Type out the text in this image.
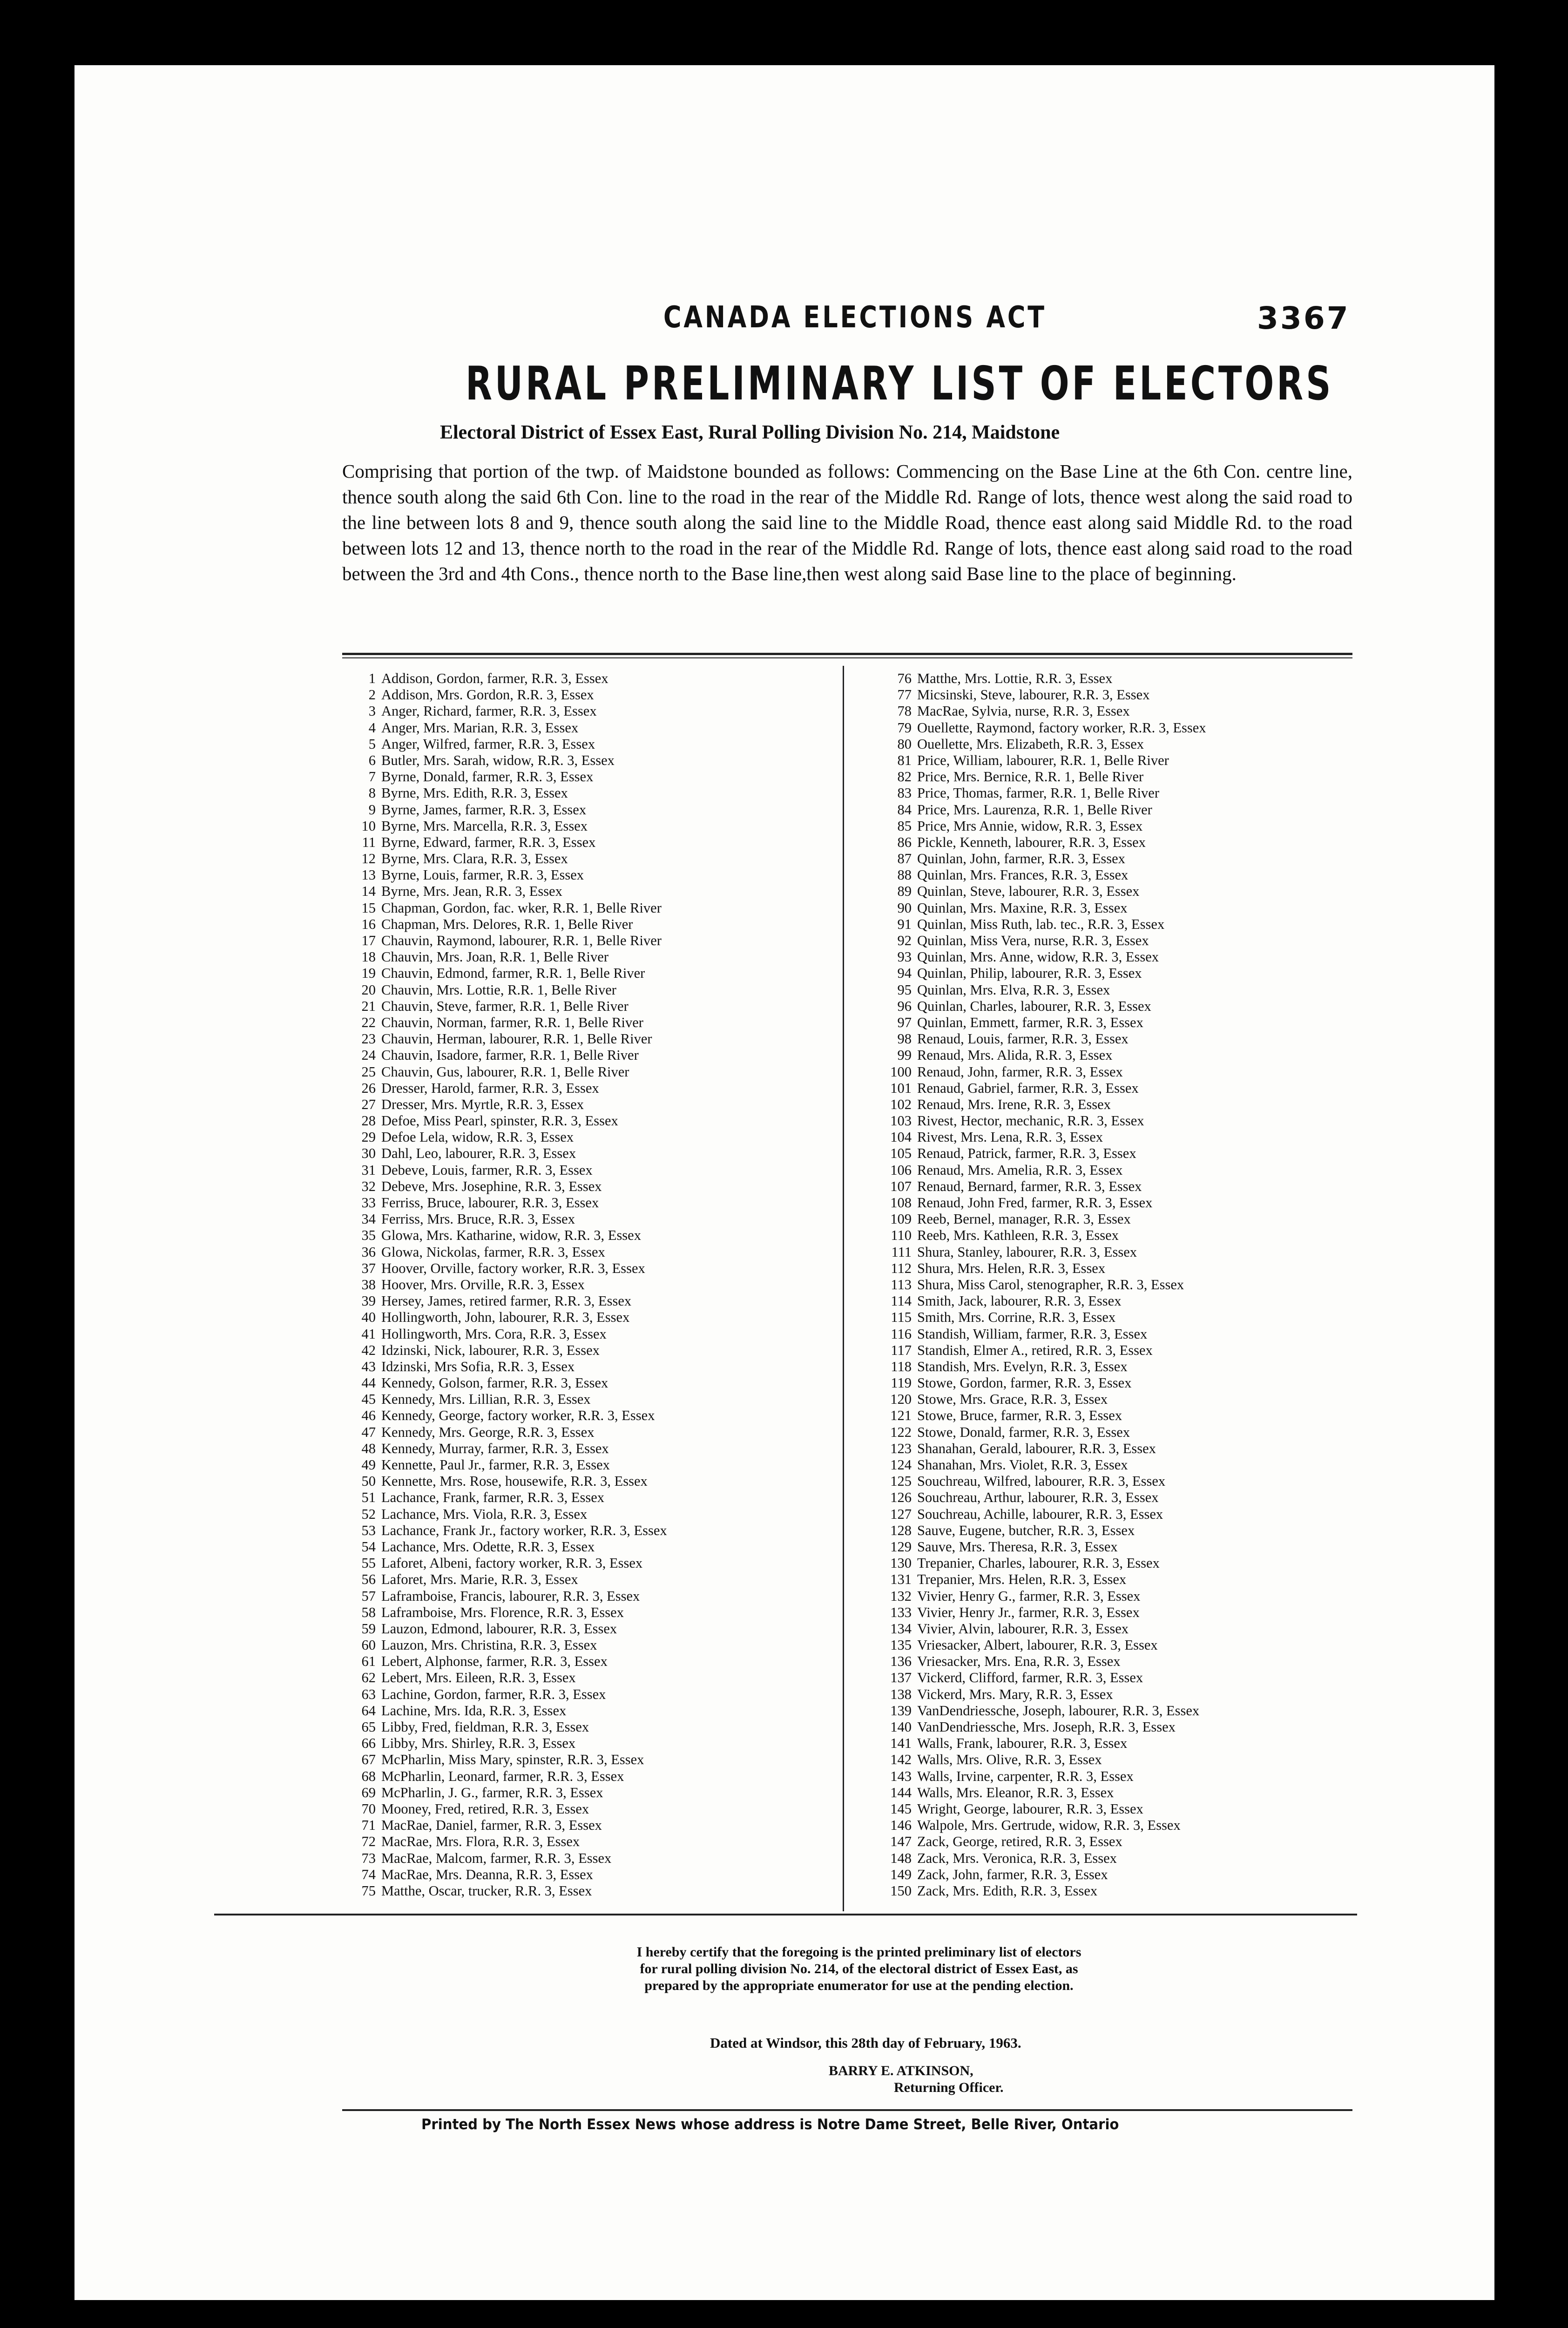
CANADA ELECTIONS ACT	3367
RURAL PRELIMINARY LIST OF ELECTORS
Electoral District of Essex East, Rural Polling Division No. 214, Maidstone
Comprising that portion of the twp. of Maidstone bounded as follows: Commencing on the Base Line at the 6th Con. centre line, thence south along the said 6th Con. line to the road in the rear of the Middle Rd. Range of lots, thence west along the said road to the line between lots 8 and 9, thence south along the said line to the Middle Road, thence east along said Middle Rd. to the road between lots 12 and 13, thence north to the road in the rear of the Middle Rd. Range of lots, thence east along said road to the road between the 3rd and 4th Cons., thence north to the Base line,then west along said Base line to the place of beginning.
1 Addison, Gordon, farmer, R.R. 3, Essex
2 Addison, Mrs. Gordon, R.R. 3, Essex
3 Anger, Richard, farmer, R.R. 3, Essex
4 Anger, Mrs. Marian, R.R. 3, Essex
5 Anger, Wilfred, farmer, R.R. 3, Essex
6 Butler, Mrs. Sarah, widow, R.R. 3, Essex
7 Byrne, Donald, farmer, R.R. 3, Essex
8 Byrne, Mrs. Edith, R.R. 3, Essex
9 Byrne, James, farmer, R.R. 3, Essex
10 Byrne, Mrs. Marcella, R.R. 3, Essex
11 Byrne, Edward, farmer, R.R. 3, Essex
12 Byrne, Mrs. Clara, R.R. 3, Essex
13 Byrne, Louis, farmer, R.R. 3, Essex
14 Byrne, Mrs. Jean, R.R. 3, Essex
15 Chapman, Gordon, fac. wker, R.R. 1, Belle River
16 Chapman, Mrs. Delores, R.R. 1, Belle River
17 Chauvin, Raymond, labourer, R.R. 1, Belle River
18 Chauvin, Mrs. Joan, R.R. 1, Belle River
19 Chauvin, Edmond, farmer, R.R. 1, Belle River
20 Chauvin, Mrs. Lottie, R.R. 1, Belle River
21 Chauvin, Steve, farmer, R.R. 1, Belle River
22 Chauvin, Norman, farmer, R.R. 1, Belle River
23 Chauvin, Herman, labourer, R.R. 1, Belle River
24 Chauvin, Isadore, farmer, R.R. 1, Belle River
25 Chauvin, Gus, labourer, R.R. 1, Belle River
26 Dresser, Harold, farmer, R.R. 3, Essex
27 Dresser, Mrs. Myrtle, R.R. 3, Essex
28 Defoe, Miss Pearl, spinster, R.R. 3, Essex
29 Defoe Lela, widow, R.R. 3, Essex
30 Dahl, Leo, labourer, R.R. 3, Essex
31 Debeve, Louis, farmer, R.R. 3, Essex
32 Debeve, Mrs. Josephine, R.R. 3, Essex
33 Ferriss, Bruce, labourer, R.R. 3, Essex
34 Ferriss, Mrs. Bruce, R.R. 3, Essex
35 Glowa, Mrs. Katharine, widow, R.R. 3, Essex
36 Glowa, Nickolas, farmer, R.R. 3, Essex
37 Hoover, Orville, factory worker, R.R. 3, Essex
38 Hoover, Mrs. Orville, R.R. 3, Essex
39 Hersey, James, retired farmer, R.R. 3, Essex
40 Hollingworth, John, labourer, R.R. 3, Essex
41 Hollingworth, Mrs. Cora, R.R. 3, Essex
42 Idzinski, Nick, labourer, R.R. 3, Essex
43 Idzinski, Mrs Sofia, R.R. 3, Essex
44 Kennedy, Golson, farmer, R.R. 3, Essex
45 Kennedy, Mrs. Lillian, R.R. 3, Essex
46 Kennedy, George, factory worker, R.R. 3, Essex
47 Kennedy, Mrs. George, R.R. 3, Essex
48 Kennedy, Murray, farmer, R.R. 3, Essex
49 Kennette, Paul Jr., farmer, R.R. 3, Essex
50 Kennette, Mrs. Rose, housewife, R.R. 3, Essex
51 Lachance, Frank, farmer, R.R. 3, Essex
52 Lachance, Mrs. Viola, R.R. 3, Essex
53 Lachance, Frank Jr., factory worker, R.R. 3, Essex
54 Lachance, Mrs. Odette, R.R. 3, Essex
55 Laforet, Albeni, factory worker, R.R. 3, Essex
56 Laforet, Mrs. Marie, R.R. 3, Essex
57 Laframboise, Francis, labourer, R.R. 3, Essex
58 Laframboise, Mrs. Florence, R.R. 3, Essex
59 Lauzon, Edmond, labourer, R.R. 3, Essex
60 Lauzon, Mrs. Christina, R.R. 3, Essex
61 Lebert, Alphonse, farmer, R.R. 3, Essex
62 Lebert, Mrs. Eileen, R.R. 3, Essex
63 Lachine, Gordon, farmer, R.R. 3, Essex
64 Lachine, Mrs. Ida, R.R. 3, Essex
65 Libby, Fred, fieldman, R.R. 3, Essex
66 Libby, Mrs. Shirley, R.R. 3, Essex
67 McPharlin, Miss Mary, spinster, R.R. 3, Essex
68 McPharlin, Leonard, farmer, R.R. 3, Essex
69 McPharlin, J. G., farmer, R.R. 3, Essex
70 Mooney, Fred, retired, R.R. 3, Essex
71 MacRae, Daniel, farmer, R.R. 3, Essex
72 MacRae, Mrs. Flora, R.R. 3, Essex
73 MacRae, Malcom, farmer, R.R. 3, Essex
74 MacRae, Mrs. Deanna, R.R. 3, Essex
75 Matthe, Oscar, trucker, R.R. 3, Essex
76 Matthe, Mrs. Lottie, R.R. 3, Essex
77 Micsinski, Steve, labourer, R.R. 3, Essex
78 MacRae, Sylvia, nurse, R.R. 3, Essex
79 Ouellette, Raymond, factory worker, R.R. 3, Essex
80 Ouellette, Mrs. Elizabeth, R.R. 3, Essex
81 Price, William, labourer, R.R. 1, Belle River
82 Price, Mrs. Bernice, R.R. 1, Belle River
83 Price, Thomas, farmer, R.R. 1, Belle River
84 Price, Mrs. Laurenza, R.R. 1, Belle River
85 Price, Mrs Annie, widow, R.R. 3, Essex
86 Pickle, Kenneth, labourer, R.R. 3, Essex
87 Quinlan, John, farmer, R.R. 3, Essex
88 Quinlan, Mrs. Frances, R.R. 3, Essex
89 Quinlan, Steve, labourer, R.R. 3, Essex
90 Quinlan, Mrs. Maxine, R.R. 3, Essex
91 Quinlan, Miss Ruth, lab. tec., R.R. 3, Essex
92 Quinlan, Miss Vera, nurse, R.R. 3, Essex
93 Quinlan, Mrs. Anne, widow, R.R. 3, Essex
94 Quinlan, Philip, labourer, R.R. 3, Essex
95 Quinlan, Mrs. Elva, R.R. 3, Essex
96 Quinlan, Charles, labourer, R.R. 3, Essex
97 Quinlan, Emmett, farmer, R.R. 3, Essex
98 Renaud, Louis, farmer, R.R. 3, Essex
99 Renaud, Mrs. Alida, R.R. 3, Essex
100 Renaud, John, farmer, R.R. 3, Essex
101 Renaud, Gabriel, farmer, R.R. 3, Essex
102 Renaud, Mrs. Irene, R.R. 3, Essex
103 Rivest, Hector, mechanic, R.R. 3, Essex
104 Rivest, Mrs. Lena, R.R. 3, Essex
105 Renaud, Patrick, farmer, R.R. 3, Essex
106 Renaud, Mrs. Amelia, R.R. 3, Essex
107 Renaud, Bernard, farmer, R.R. 3, Essex
108 Renaud, John Fred, farmer, R.R. 3, Essex
109 Reeb, Bernel, manager, R.R. 3, Essex
110 Reeb, Mrs. Kathleen, R.R. 3, Essex
111 Shura, Stanley, labourer, R.R. 3, Essex
112 Shura, Mrs. Helen, R.R. 3, Essex
113 Shura, Miss Carol, stenographer, R.R. 3, Essex
114 Smith, Jack, labourer, R.R. 3, Essex
115 Smith, Mrs. Corrine, R.R. 3, Essex
116 Standish, William, farmer, R.R. 3, Essex
117 Standish, Elmer A., retired, R.R. 3, Essex
118 Standish, Mrs. Evelyn, R.R. 3, Essex
119 Stowe, Gordon, farmer, R.R. 3, Essex
120 Stowe, Mrs. Grace, R.R. 3, Essex
121 Stowe, Bruce, farmer, R.R. 3, Essex
122 Stowe, Donald, farmer, R.R. 3, Essex
123 Shanahan, Gerald, labourer, R.R. 3, Essex
124 Shanahan, Mrs. Violet, R.R. 3, Essex
125 Souchreau, Wilfred, labourer, R.R. 3, Essex
126 Souchreau, Arthur, labourer, R.R. 3, Essex
127 Souchreau, Achille, labourer, R.R. 3, Essex
128 Sauve, Eugene, butcher, R.R. 3, Essex
129 Sauve, Mrs. Theresa, R.R. 3, Essex
130 Trepanier, Charles, labourer, R.R. 3, Essex
131 Trepanier, Mrs. Helen, R.R. 3, Essex
132 Vivier, Henry G., farmer, R.R. 3, Essex
133 Vivier, Henry Jr., farmer, R.R. 3, Essex
134 Vivier, Alvin, labourer, R.R. 3, Essex
135 Vriesacker, Albert, labourer, R.R. 3, Essex
136 Vriesacker, Mrs. Ena, R.R. 3, Essex
137 Vickerd, Clifford, farmer, R.R. 3, Essex
138 Vickerd, Mrs. Mary, R.R. 3, Essex
139 VanDendriessche, Joseph, labourer, R.R. 3, Essex
140 VanDendriessche, Mrs. Joseph, R.R. 3, Essex
141 Walls, Frank, labourer, R.R. 3, Essex
142 Walls, Mrs. Olive, R.R. 3, Essex
143 Walls, Irvine, carpenter, R.R. 3, Essex
144 Walls, Mrs. Eleanor, R.R. 3, Essex
145 Wright, George, labourer, R.R. 3, Essex
146 Walpole, Mrs. Gertrude, widow, R.R. 3, Essex
147 Zack, George, retired, R.R. 3, Essex
148 Zack, Mrs. Veronica, R.R. 3, Essex
149 Zack, John, farmer, R.R. 3, Essex
150 Zack, Mrs. Edith, R.R. 3, Essex
I hereby certify that the foregoing is the printed preliminary list of electors for rural polling division No. 214, of the electoral district of Essex East, as prepared by the appropriate enumerator for use at the pending election.
Dated at Windsor, this 28th day of February, 1963.
BARRY E. ATKINSON,
Returning Officer.
Printed by The North Essex News whose address is Notre Dame Street, Belle River, Ontario
